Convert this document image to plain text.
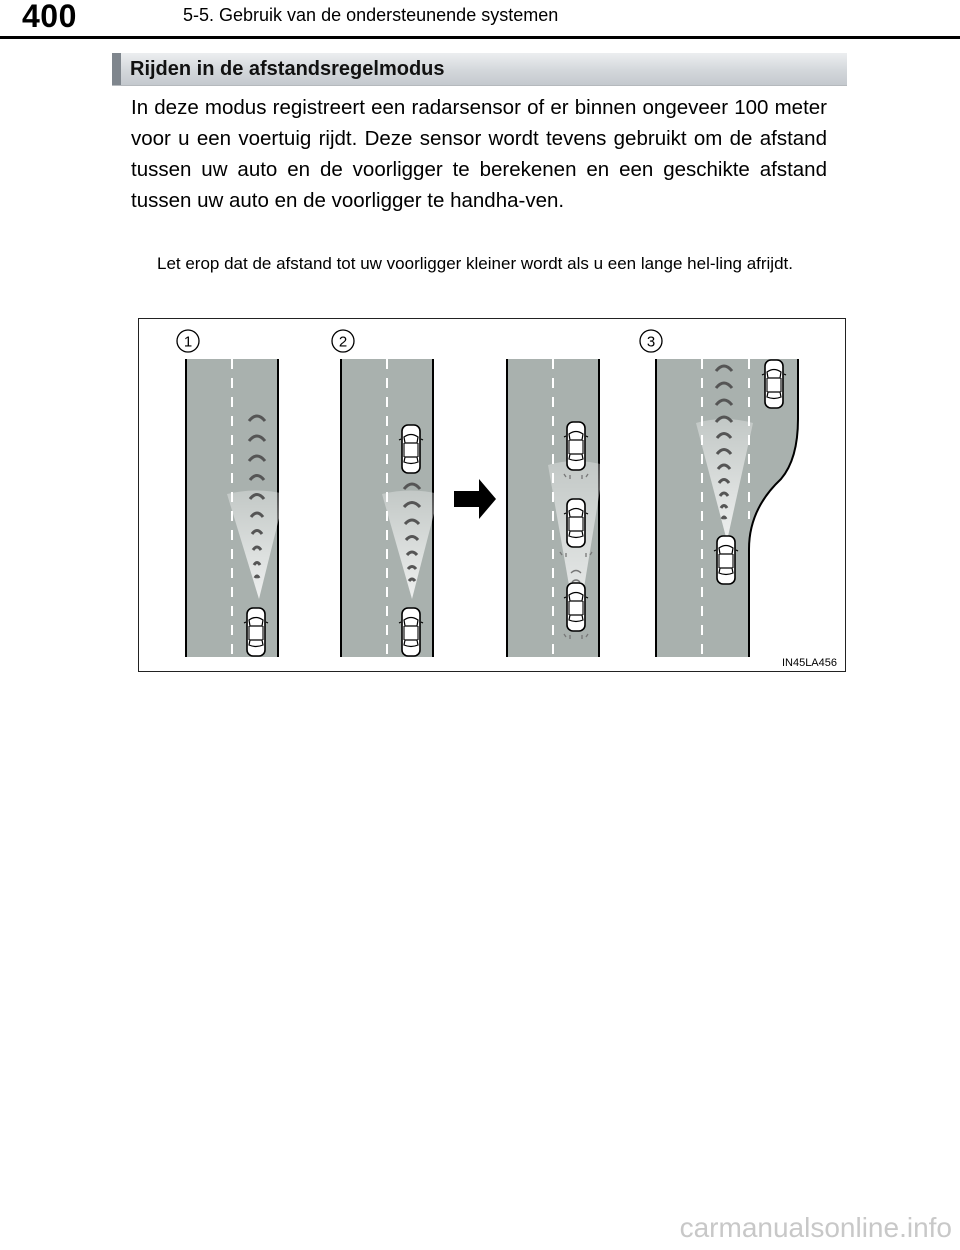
400	5-5. Gebruik van de ondersteunende systemen
Rijden in de afstandsregelmodus
In deze modus registreert een radarsensor of er binnen ongeveer 100 meter voor u een voertuig rijdt. Deze sensor wordt tevens gebruikt om de afstand tussen uw auto en de voorligger te berekenen en een geschikte afstand tussen uw auto en de voorligger te handha-ven.
Let erop dat de afstand tot uw voorligger kleiner wordt als u een lange hel-ling afrijdt.
1	2	3
IN45LA456
carmanualsonline.info
